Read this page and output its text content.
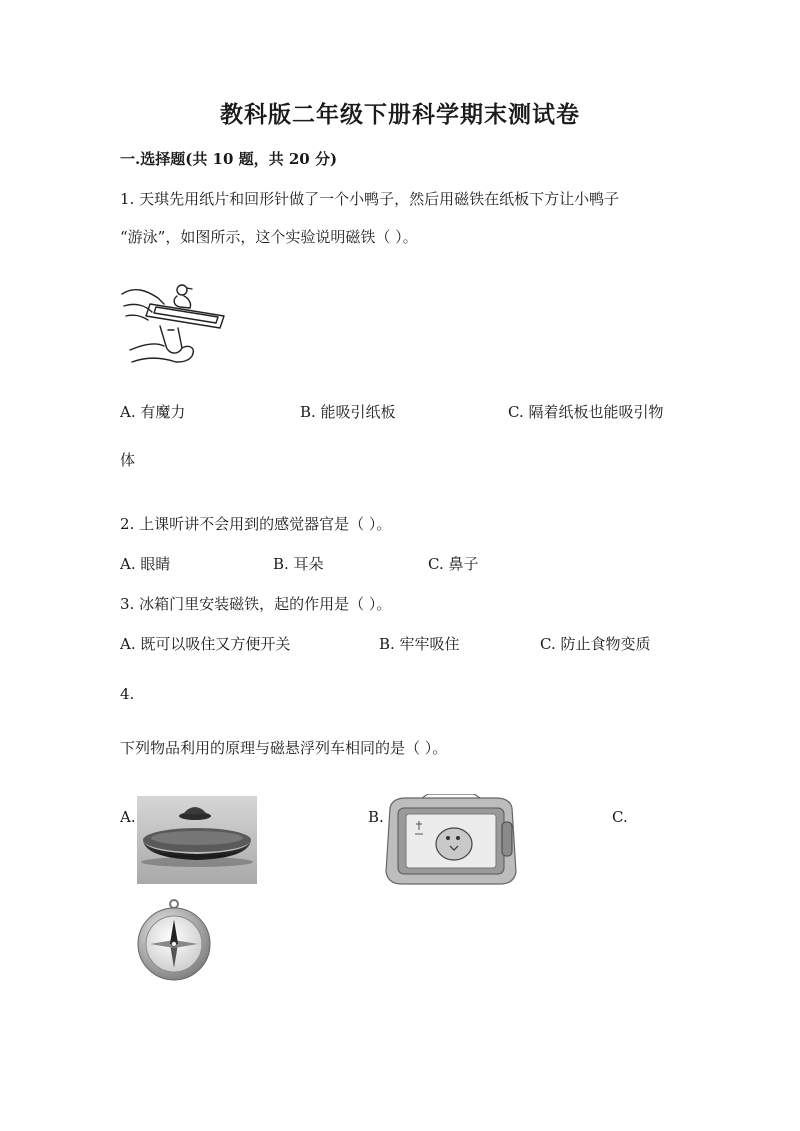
教科版二年级下册科学期末测试卷
一.选择题(共 10 题，共 20 分)
1. 天琪先用纸片和回形针做了一个小鸭子，然后用磁铁在纸板下方让小鸭子
“游泳”，如图所示，这个实验说明磁铁（ ）。
A. 有魔力	B. 能吸引纸板	C. 隔着纸板也能吸引物
体
2. 上课听讲不会用到的感觉器官是（ ）。
A. 眼睛	B. 耳朵	C. 鼻子
3. 冰箱门里安装磁铁，起的作用是（ ）。
A. 既可以吸住又方便开关	B. 牢牢吸住	C. 防止食物变质
4.
下列物品利用的原理与磁悬浮列车相同的是（ ）。
A.	B.	C.
